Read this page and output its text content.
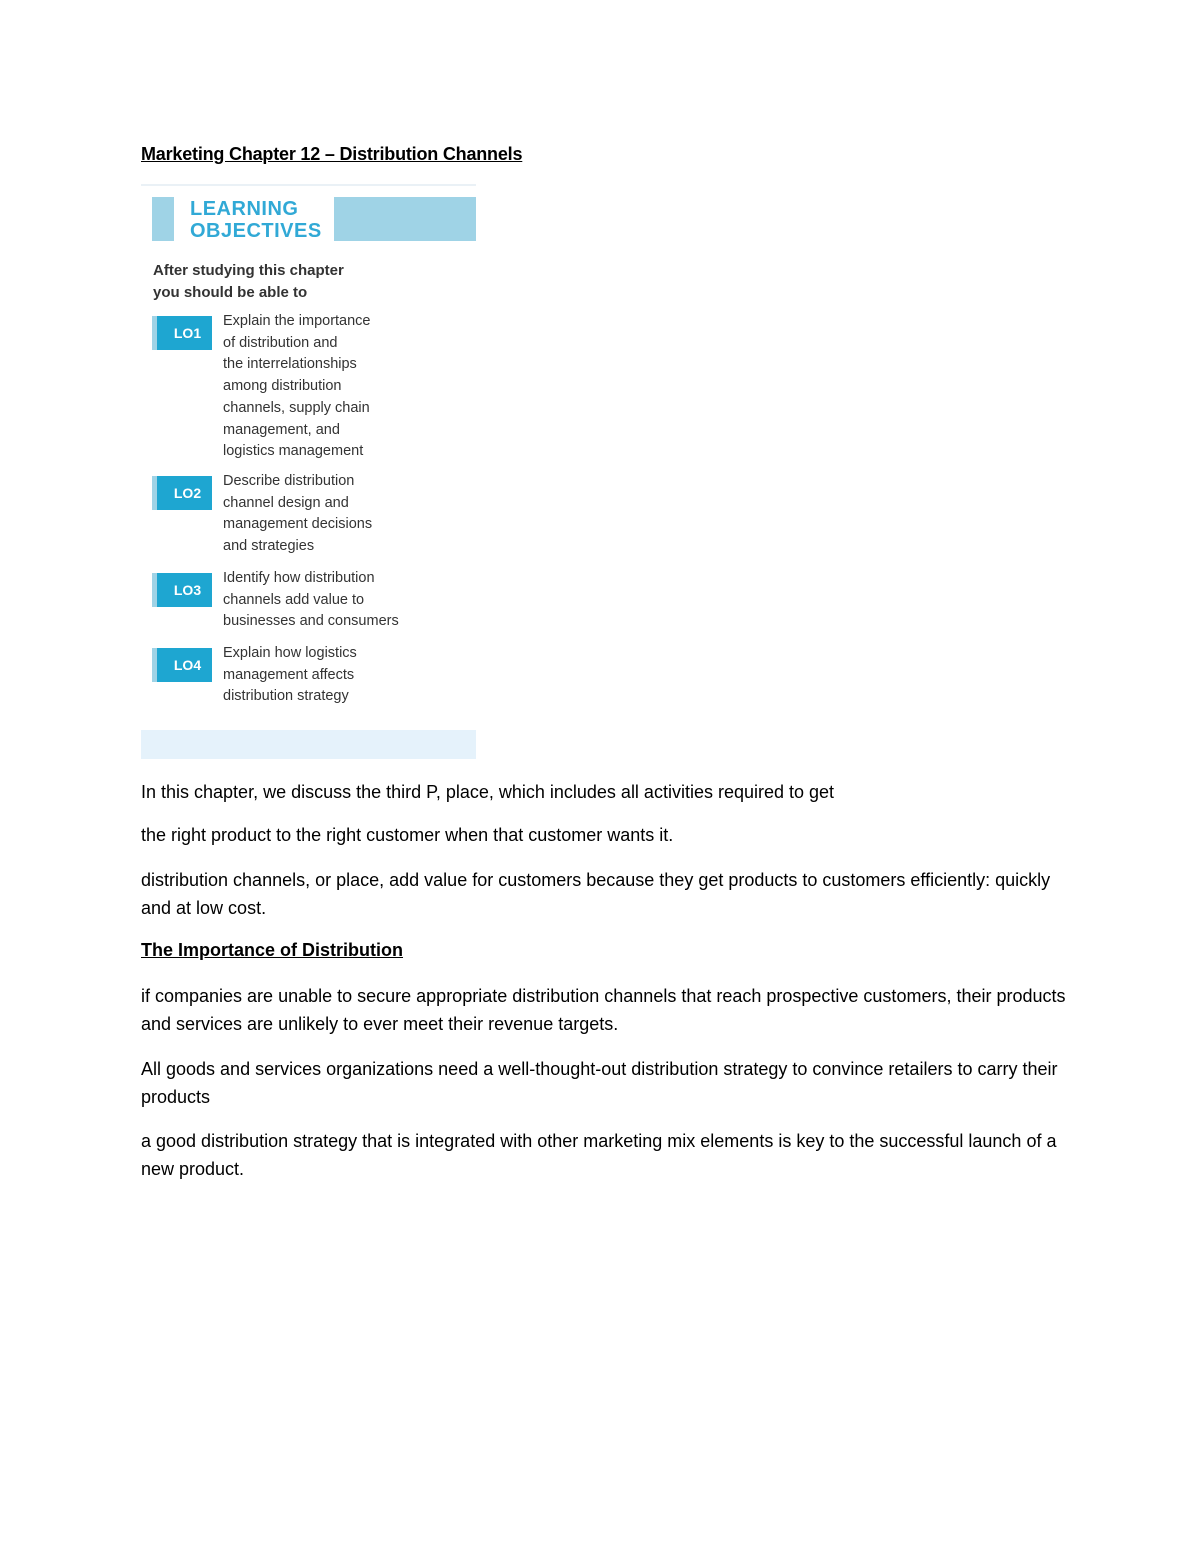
Marketing Chapter 12 – Distribution Channels
LEARNING
OBJECTIVES
After studying this chapter
you should be able to
LO1
Explain the importance
of distribution and
the interrelationships
among distribution
channels, supply chain
management, and
logistics management
LO2
Describe distribution
channel design and
management decisions
and strategies
LO3
Identify how distribution
channels add value to
businesses and consumers
LO4
Explain how logistics
management affects
distribution strategy

In this chapter, we discuss the third P, place, which includes all activities required to get

the right product to the right customer when that customer wants it.

distribution channels, or place, add value for customers because they get products to customers efficiently: quickly and at low cost.

The Importance of Distribution

if companies are unable to secure appropriate distribution channels that reach prospective customers, their products and services are unlikely to ever meet their revenue targets.

All goods and services organizations need a well-thought-out distribution strategy to convince retailers to carry their products

a good distribution strategy that is integrated with other marketing mix elements is key to the successful launch of a new product.
